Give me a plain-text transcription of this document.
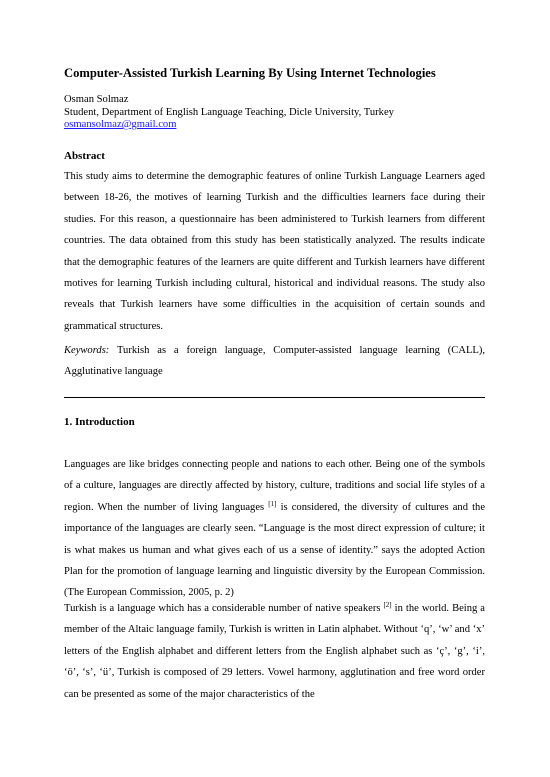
Computer-Assisted Turkish Learning By Using Internet Technologies
Osman Solmaz
Student, Department of English Language Teaching, Dicle University, Turkey
osmansolmaz@gmail.com
Abstract

This study aims to determine the demographic features of online Turkish Language Learners aged between 18-26, the motives of learning Turkish and the difficulties learners face during their studies. For this reason, a questionnaire has been administered to Turkish learners from different countries. The data obtained from this study has been statistically analyzed. The results indicate that the demographic features of the learners are quite different and Turkish learners have different motives for learning Turkish including cultural, historical and individual reasons. The study also reveals that Turkish learners have some difficulties in the acquisition of certain sounds and grammatical structures.

Keywords: Turkish as a foreign language, Computer-assisted language learning (CALL), Agglutinative language

1. Introduction

Languages are like bridges connecting people and nations to each other. Being one of the symbols of a culture, languages are directly affected by history, culture, traditions and social life styles of a region. When the number of living languages [1] is considered, the diversity of cultures and the importance of the languages are clearly seen. “Language is the most direct expression of culture; it is what makes us human and what gives each of us a sense of identity.” says the adopted Action Plan for the promotion of language learning and linguistic diversity by the European Commission. (The European Commission, 2005, p. 2)

Turkish is a language which has a considerable number of native speakers [2] in the world. Being a member of the Altaic language family, Turkish is written in Latin alphabet. Without ‘q’, ‘w’ and ‘x’ letters of the English alphabet and different letters from the English alphabet such as ‘ç’, ‘g’, ‘i’, ‘ö’, ‘s’, ‘ü’, Turkish is composed of 29 letters. Vowel harmony, agglutination and free word order can be presented as some of the major characteristics of the
